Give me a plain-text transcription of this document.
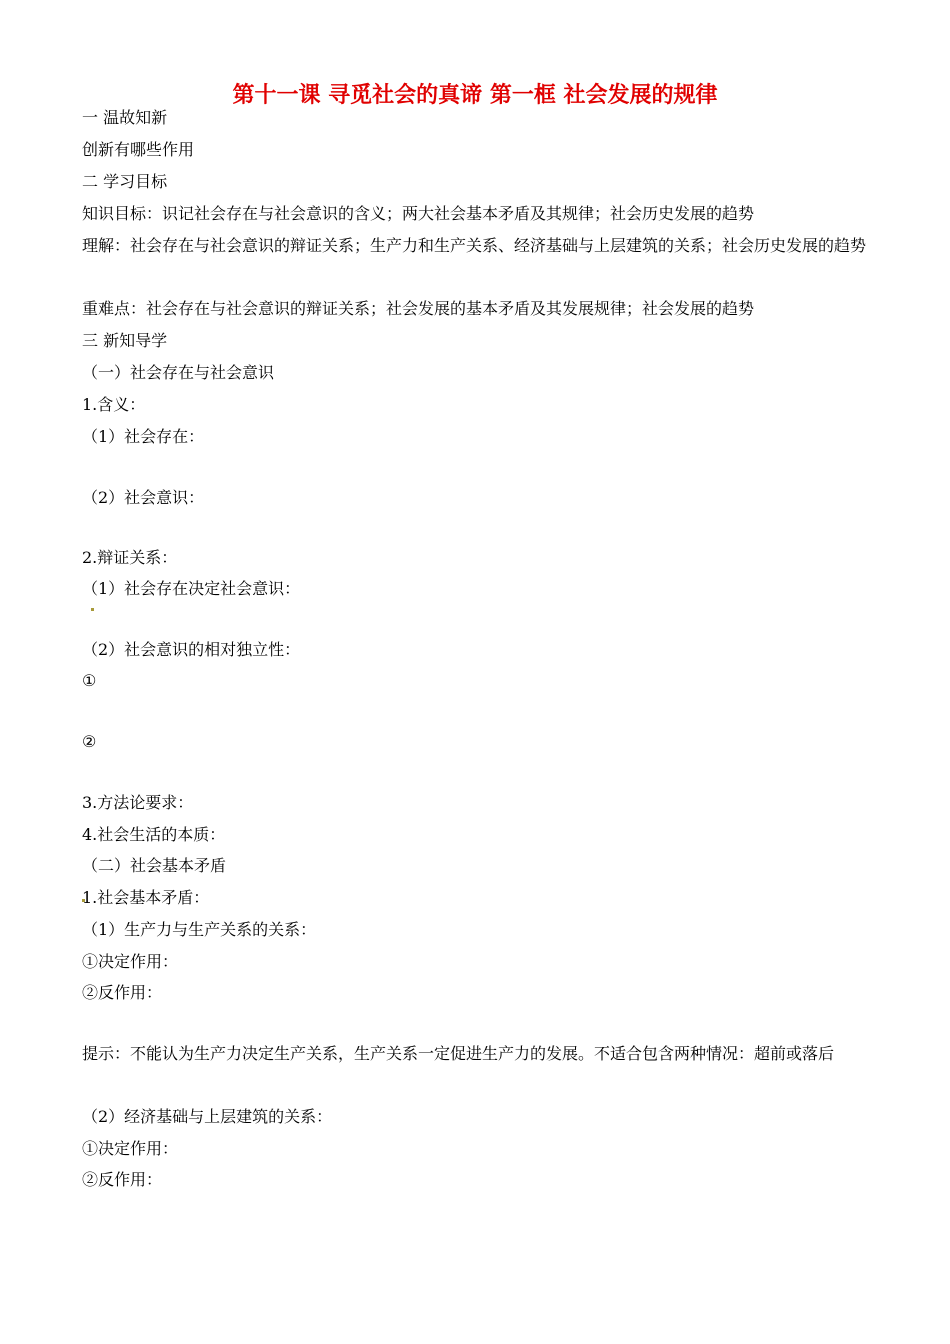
第十一课 寻觅社会的真谛 第一框 社会发展的规律
一 温故知新
创新有哪些作用
二 学习目标
知识目标：识记社会存在与社会意识的含义；两大社会基本矛盾及其规律；社会历史发展的趋势
理解：社会存在与社会意识的辩证关系；生产力和生产关系、经济基础与上层建筑的关系；社会历史发展的趋势
重难点：社会存在与社会意识的辩证关系；社会发展的基本矛盾及其发展规律；社会发展的趋势
三 新知导学
（一）社会存在与社会意识
1.含义：
（1）社会存在：
（2）社会意识：
2.辩证关系：
（1）社会存在决定社会意识：
（2）社会意识的相对独立性：
①
②
3.方法论要求：
4.社会生活的本质：
（二）社会基本矛盾
1.社会基本矛盾：
（1）生产力与生产关系的关系：
①决定作用：
②反作用：
提示：不能认为生产力决定生产关系，生产关系一定促进生产力的发展。不适合包含两种情况：超前或落后
（2）经济基础与上层建筑的关系：
①决定作用：
②反作用：
